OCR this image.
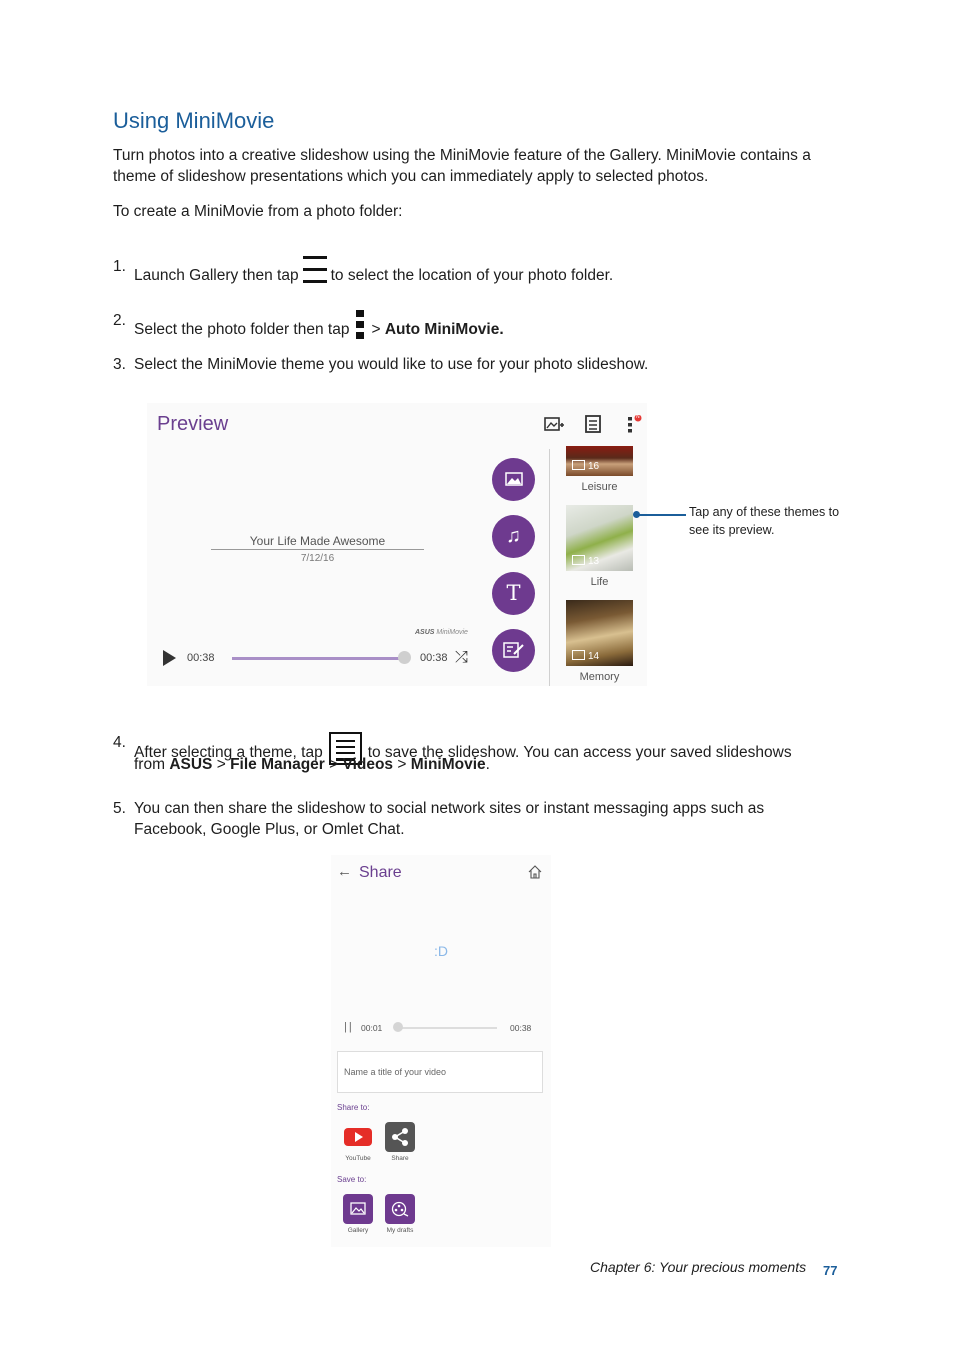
Using MiniMovie
Turn photos into a creative slideshow using the MiniMovie feature of the Gallery. MiniMovie contains a theme of slideshow presentations which you can immediately apply to selected photos.
To create a MiniMovie from a photo folder:
1.
Launch Gallery then tap to select the location of your photo folder.
2.
Select the photo folder then tap > Auto MiniMovie.
3. Select the MiniMovie theme you would like to use for your photo slideshow.
Preview	N
Your Life Made Awesome
7/12/16
ASUS MiniMovie
00:38	00:38 ⤮
♫
T
16
Leisure
13
Life
14
Memory
Tap any of these themes to see its preview.
4.
After selecting a theme, tap	to save the slideshow. You can access your saved slideshows
from ASUS > File Manager > Videos > MiniMovie.
5. You can then share the slideshow to social network sites or instant messaging apps such as
Facebook, Google Plus, or Omlet Chat.
← Share
:D
|| 00:01	00:38
Name a title of your video
Share to:
YouTube	Share
Save to:
Gallery	My drafts
Chapter 6: Your precious moments 77
